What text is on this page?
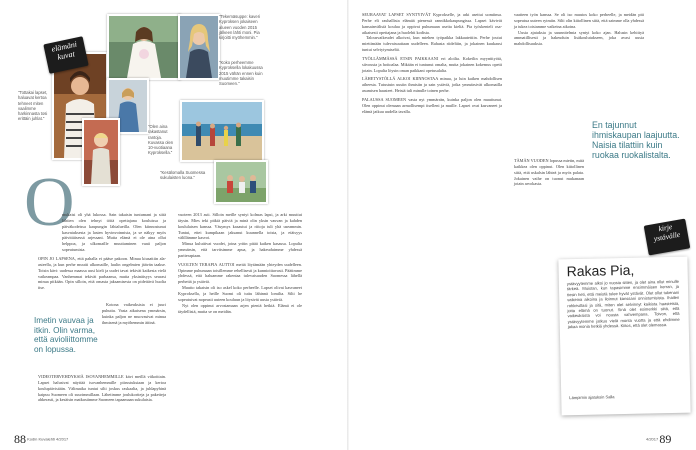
elämäni kuvat
"Tekemäsuppe: kaveri Kyproksen jokaiseen alueen vuoden 2015 jälkeen lähti moni. Pia kirjoitti myöhemmin."
"Koko perheemme Kyproksella lokakuussa 2015 vähän ennen kuin muutimme takaisin Suomeen."
"Olen aina rakastanut rantoja. Kuvassa olen 10-vuotiaana Kyproksella."
"Kesälomalla Suomessa sukulaisten luona."
"Tottakai lapset, haluavat kertoa tehneet miten vaalimme harkinnasta tosi erittäin juhlat."
O

mukaisi oli yhä lukossa. Sain takaisin tuntumani ja siitä lähtien olen tehnyt töitä opettajana kouluissa ja päiväkodeissa kaupungin lähialueilla. Olen kiinnostunut kasvatuksesta ja lasten hyvinvoinnista, ja se näkyy myös päivittäisessä arjessani. Mutta elämä ei ole aina ollut helppoa, ja ulkomaille muuttaminen vaati paljon sopeutumista.

OPIN JO LAPSENA, että pahalla ei pääse pakoon. Minua kiusattiin ala-asteella, ja kun perhe muutti ulkomaille, luulin ongelmien jäävän taakse. Toisin kävi: uudessa maassa uusi kieli ja uudet tavat tekivät kaikesta vielä vaikeampaa. Vanhemmat tekivät parhaansa, mutta yksinäisyys seurasi minua pitkään. Opin silloin, että omasta jaksamisesta on pidettävä huolta itse.

Kotona vaikeuksista ei juuri puhuttu. Vasta aikuisena ymmärsin, kuinka paljon ne muovasivat minua ihmisenä ja myöhemmin äitinä.

VIDEOTERVEHDYKSIÄ ISOVANHEMMILLE kävi meillä viikoittain. Lapset halusivat näyttää isovanhemmille piirustuksiaan ja kertoa koulupäivistään. Välimatka tuntui silti joskus raskaalta, ja juhlapyhinä kaipuu Suomeen oli suurimmillaan. Lähetimme joulukortteja ja paketteja ahkerasti, ja kesäisin matkustimme Suomeen tapaamaan sukulaisia.

Imetin vauvaa ja itkin. Olin varma, että avioliittomme on lopussa.

vuoteen 2013 asti. Silloin meille syntyi kolmas lapsi, ja arki muuttui täysin. Mies teki pitkiä päiviä ja minä olin yksin vauvan ja kahden koululaisen kanssa. Väsymys kasautui ja riitoja tuli yhä useammin. Tuntui, ettei kumpikaan jaksanut kuunnella toista, ja etäisyys välillämme kasvoi.

Minua kuluttivat vuodet, joina yritin pitää kaiken kasassa. Lopulta ymmärsin, että tarvitsimme apua, ja hakeuduimme yhdessä pariterapiaan.

VUOLTEN TERAPIA AUTTOI meitä löytämään yhteyden uudelleen. Opimme puhumaan toisillemme rehellisesti ja kunnioittavasti. Päätimme yhdessä, että haluamme rakentaa tulevaisuuden Suomessa lähellä perhettä ja ystäviä.

Muutto takaisin oli iso askel koko perheelle. Lapset olivat kasvaneet Kyproksella, ja heille Suomi oli tuttu lähinnä lomilta. Silti he sopeutuivat nopeasti uuteen kouluun ja löysivät uusia ystäviä.

Nyt olen oppinut arvostamaan arjen pieniä hetkiä. Elämä ei ole täydellistä, mutta se on meidän.

88 Kodin Kuvalehti 4/2017

SEURAAVAT LAPSET SYNTYIVÄT Kyprokselle, ja arki asettui uomiinsa. Perhe eli rauhallista elämää pienessä rannikkokaupungissa. Lapset kävivät kansainvälistä koulua ja oppivat puhumaan useita kieliä. Pia työskenteli osa-aikaisesti opettajana ja huolehti kodista.

Talousvaikeudet alkoivat, kun miehen työpaikka lakkautettiin. Perhe joutui miettimään tulevaisuuttaan uudelleen. Rahasta riideltiin, ja jokainen kuukausi tuntui selviytymiseltä.

TYÖLLÄMMÄSSÄ ETSIN PAIKKAANI eri aloilta. Kokeilin myyntityötä, siivousta ja hoitoalaa. Mikään ei tuntunut omalta, mutta jokainen kokemus opetti jotain. Lopulta löysin oman paikkani opetusalalta.

LÄHETYSTÖLLÄ ALKOI KIINNOSTAA minua, ja luin kaiken mahdollisen aiheesta. Tutustuin uusiin ihmisiin ja sain ystäviä, jotka ymmärsivät ulkomailla asumisen haasteet. Heistä tuli minulle toinen perhe.

PALAUSSA SUOMEEN vasta nyt ymmärrän, kuinka paljon olen muuttunut. Olen oppinut olemaan armollisempi itselleni ja muille. Lapset ovat kasvaneet ja elämä jatkuu uudella tavalla.

vaatteen työn kanssa. Se oli iso muutos koko perheelle, ja meidän piti sopeutua uuteen rytmiin. Silti olin kiitollinen siitä, että saimme olla yhdessä ja tukea toisiamme vaikeina aikoina.

Uusia ajatuksia ja suunnitelmia syntyi koko ajan. Halusin kehittyä ammatillisesti ja hakeuduin lisäkoulutukseen, joka avasi uusia mahdollisuuksia.

TÄMÄN VUODEN lopussa mietin, mitä kaikkea olen oppinut. Olen kiitollinen siitä, että uskalsin lähteä ja myös palata. Jokainen vaihe on tuonut mukanaan jotain arvokasta.

En tajunnut ihmiskaupan laajuutta. Naisia tilattiin kuin ruokaa ruokalistalta.
Rakas Pia,
ystävyytemme alkoi jo vuosia sitten, ja olet aina ollut minulle tärkeä. Muistan, kun tapasimme ensimmäisen kerran, ja tiesin heti, että meistä tulee hyvät ystävät. Olet ollut tukenani vaikeina aikoina ja iloinnut kanssani onnistumisista. Ihailen rohkeuttasi ja sitä, miten olet selvinnyt kaikista haasteista, joita elämä on tuonut. Sinä olet esimerkki siitä, että vaikeuksista voi nousta vahvempana. Toivon, että ystävyytemme jatkuu vielä monta vuotta ja että ehdimme jakaa monia hetkiä yhdessä. Kiitos, että olet olemassa.
Lämpimin ajatuksin Salla
kirje ystävälle
4/2017 89
